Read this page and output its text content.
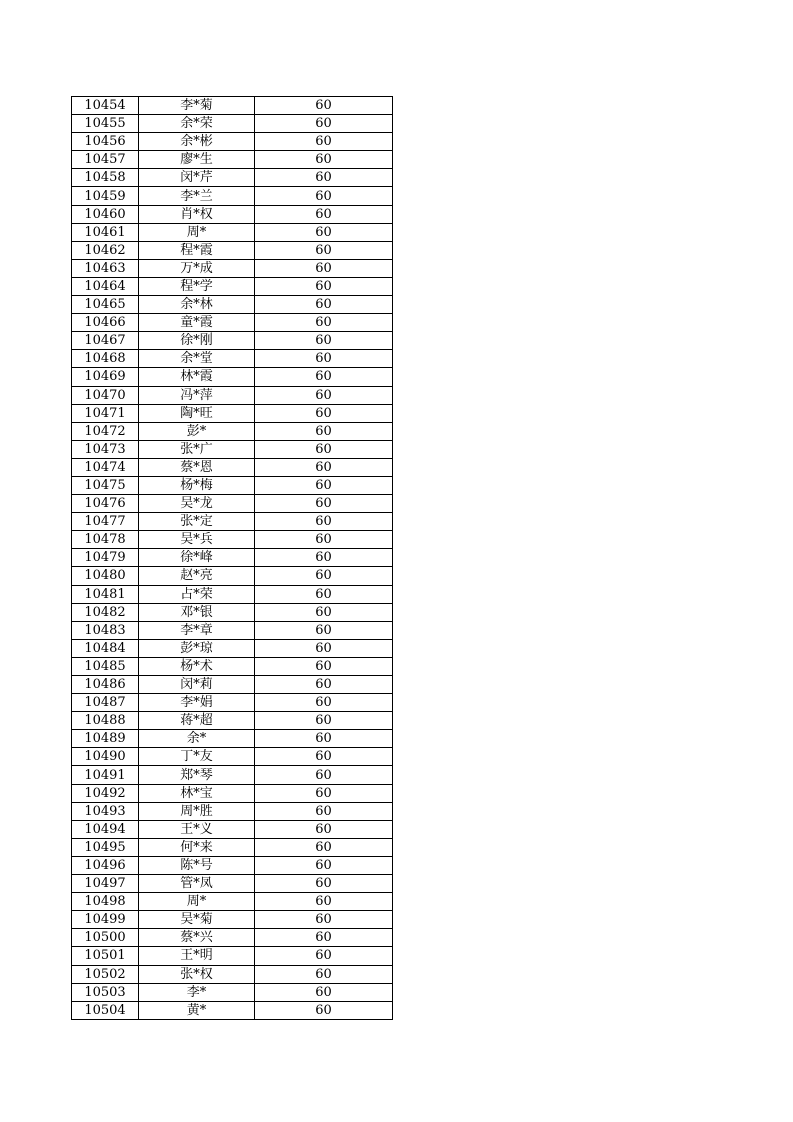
10454	李*菊	60
10455	余*荣	60
10456	余*彬	60
10457	廖*生	60
10458	闵*芹	60
10459	李*兰	60
10460	肖*权	60
10461	周*	60
10462	程*霞	60
10463	万*成	60
10464	程*学	60
10465	余*林	60
10466	童*霞	60
10467	徐*刚	60
10468	余*堂	60
10469	林*霞	60
10470	冯*萍	60
10471	陶*旺	60
10472	彭*	60
10473	张*广	60
10474	蔡*恩	60
10475	杨*梅	60
10476	吴*龙	60
10477	张*定	60
10478	吴*兵	60
10479	徐*峰	60
10480	赵*亮	60
10481	占*荣	60
10482	邓*银	60
10483	李*章	60
10484	彭*琼	60
10485	杨*术	60
10486	闵*莉	60
10487	李*娟	60
10488	蒋*超	60
10489	余*	60
10490	丁*友	60
10491	郑*琴	60
10492	林*宝	60
10493	周*胜	60
10494	王*义	60
10495	何*来	60
10496	陈*号	60
10497	管*凤	60
10498	周*	60
10499	吴*菊	60
10500	蔡*兴	60
10501	王*明	60
10502	张*权	60
10503	李*	60
10504	黄*	60
